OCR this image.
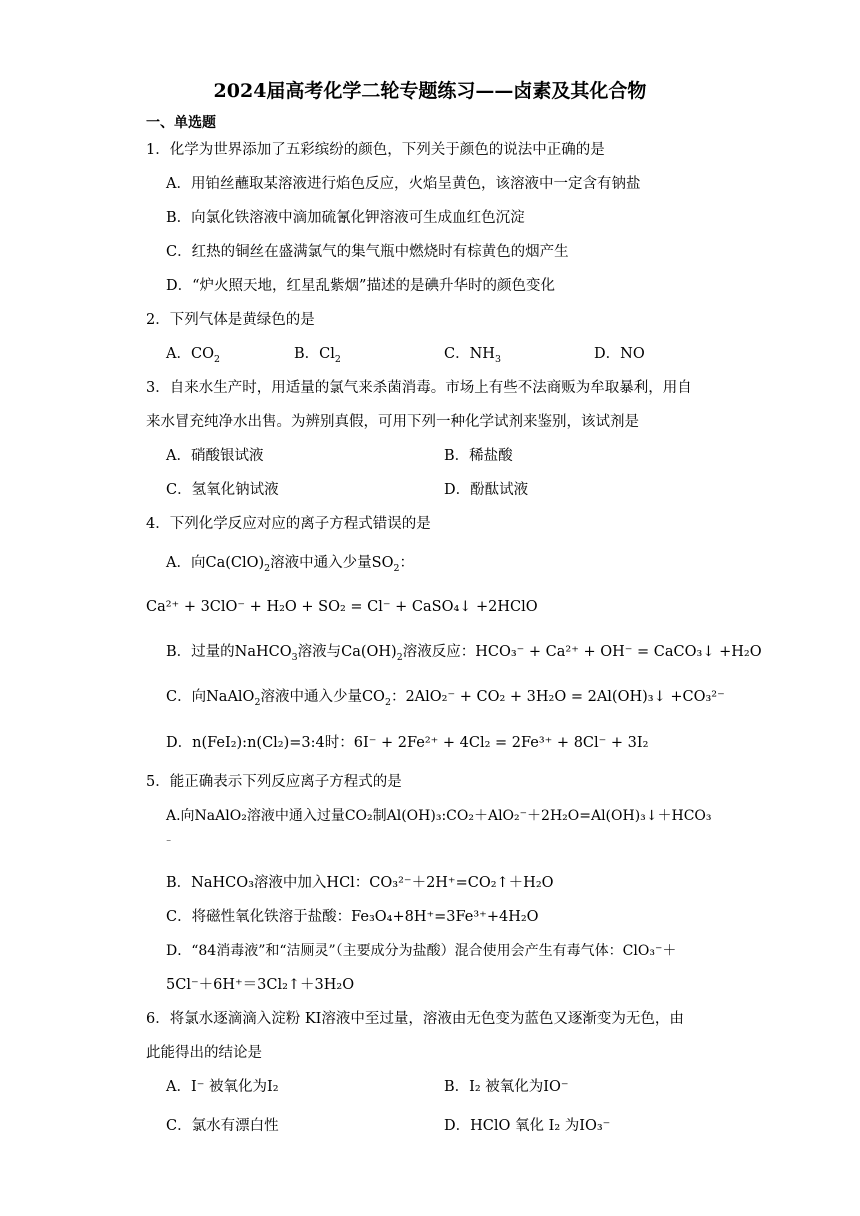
2024届高考化学二轮专题练习——卤素及其化合物
一、单选题
1．化学为世界添加了五彩缤纷的颜色，下列关于颜色的说法中正确的是
A．用铂丝蘸取某溶液进行焰色反应，火焰呈黄色，该溶液中一定含有钠盐
B．向氯化铁溶液中滴加硫氰化钾溶液可生成血红色沉淀
C．红热的铜丝在盛满氯气的集气瓶中燃烧时有棕黄色的烟产生
D．“炉火照天地，红星乱紫烟”描述的是碘升华时的颜色变化
2．下列气体是黄绿色的是
A．$CO_2$	B．$Cl_2$	C．$NH_3$	D．NO
3．自来水生产时，用适量的氯气来杀菌消毒。市场上有些不法商贩为牟取暴利，用自
来水冒充纯净水出售。为辨别真假，可用下列一种化学试剂来鉴别，该试剂是
A．硝酸银试液	B．稀盐酸
C．氢氧化钠试液	D．酚酞试液
4．下列化学反应对应的离子方程式错误的是
A．向$Ca(ClO)_2$溶液中通入少量$SO_2$：
Ca²⁺ + 3ClO⁻ + H₂O + SO₂ = Cl⁻ + CaSO₄↓ +2HClO
B．过量的NaHCO$_3$溶液与$Ca(OH)_2$溶液反应：HCO₃⁻ + Ca²⁺ + OH⁻ = CaCO₃↓ +H₂O
C．向NaAlO$_2$溶液中通入少量$CO_2$：2AlO₂⁻ + CO₂ + 3H₂O = 2Al(OH)₃↓ +CO₃²⁻
D．n(FeI₂):n(Cl₂)=3:4时：6I⁻ + 2Fe²⁺ + 4Cl₂ = 2Fe³⁺ + 8Cl⁻ + 3I₂
5．能正确表示下列反应离子方程式的是
A.向NaAlO₂溶液中通入过量CO₂制Al(OH)₃:CO₂＋AlO₂⁻＋2H₂O=Al(OH)₃↓＋HCO₃
⁻
B．NaHCO₃溶液中加入HCl：CO₃²⁻＋2H⁺=CO₂↑＋H₂O
C．将磁性氧化铁溶于盐酸：Fe₃O₄+8H⁺=3Fe³⁺+4H₂O
D．“84消毒液”和“洁厕灵”（主要成分为盐酸）混合使用会产生有毒气体：ClO₃⁻＋
5Cl⁻＋6H⁺＝3Cl₂↑＋3H₂O
6．将氯水逐滴滴入淀粉 KI溶液中至过量，溶液由无色变为蓝色又逐渐变为无色，由
此能得出的结论是
A．I⁻ 被氧化为I₂	B．I₂ 被氧化为IO⁻
C．氯水有漂白性	D．HClO 氧化 I₂ 为IO₃⁻
